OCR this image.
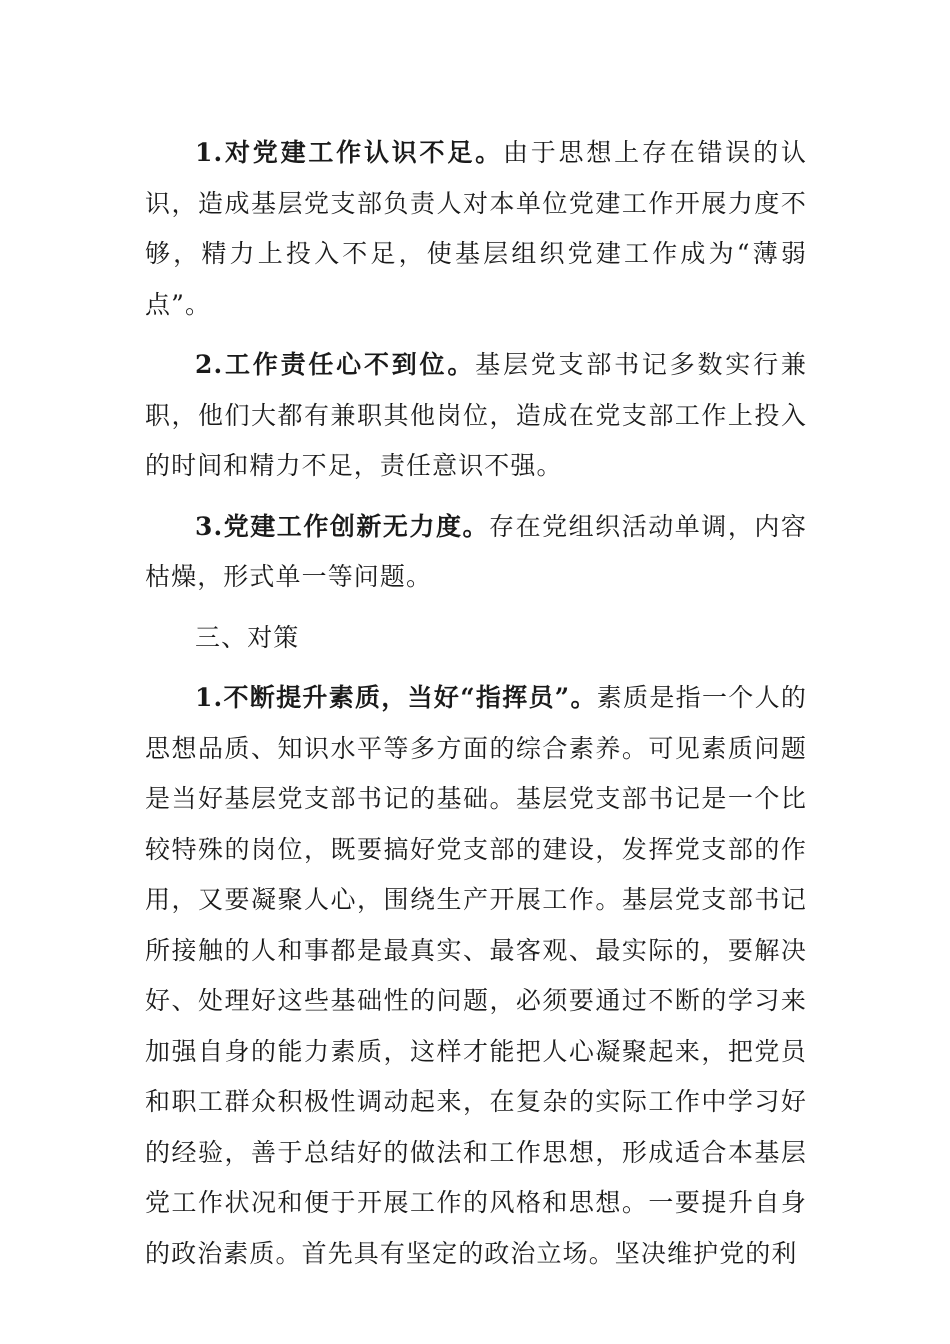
1.对党建工作认识不足。由于思想上存在错误的认识，造成基层党支部负责人对本单位党建工作开展力度不够，精力上投入不足，使基层组织党建工作成为“薄弱点”。

2.工作责任心不到位。基层党支部书记多数实行兼职，他们大都有兼职其他岗位，造成在党支部工作上投入的时间和精力不足，责任意识不强。

3.党建工作创新无力度。存在党组织活动单调，内容枯燥，形式单一等问题。

三、对策

1.不断提升素质，当好“指挥员”。素质是指一个人的思想品质、知识水平等多方面的综合素养。可见素质问题是当好基层党支部书记的基础。基层党支部书记是一个比较特殊的岗位，既要搞好党支部的建设，发挥党支部的作用，又要凝聚人心，围绕生产开展工作。基层党支部书记所接触的人和事都是最真实、最客观、最实际的，要解决好、处理好这些基础性的问题，必须要通过不断的学习来加强自身的能力素质，这样才能把人心凝聚起来，把党员和职工群众积极性调动起来，在复杂的实际工作中学习好的经验，善于总结好的做法和工作思想，形成适合本基层党工作状况和便于开展工作的风格和思想。一要提升自身的政治素质。首先具有坚定的政治立场。坚决维护党的利
